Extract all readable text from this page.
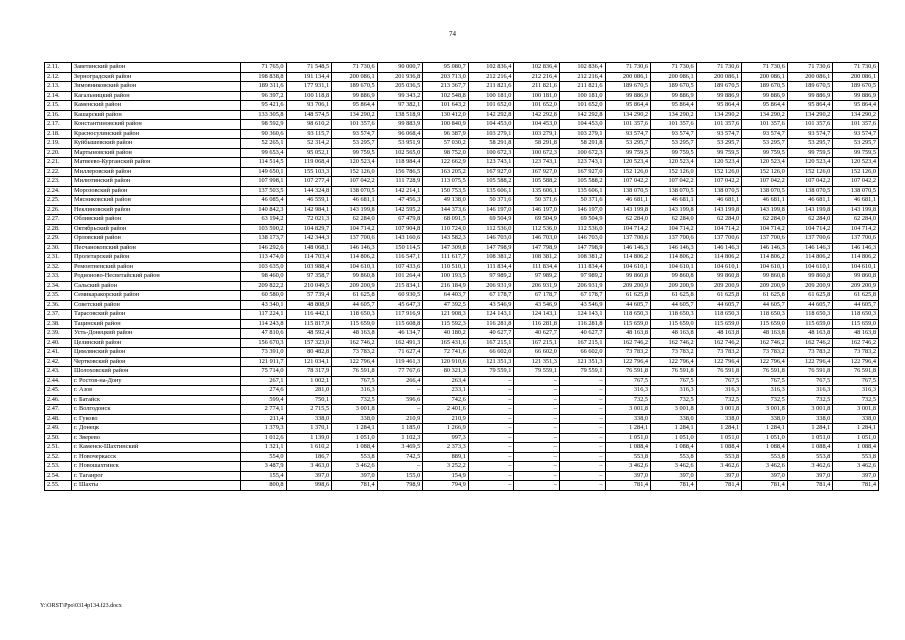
74
2.11.	Заветинский район	71 765,0	71 548,5	71 730,6	90 000,7	95 080,7	102 836,4	102 836,4	102 836,4	71 730,6	71 730,6	71 730,6	71 730,6	71 730,6	71 730,6
2.12.	Зерноградский район	198 838,8	191 134,4	200 086,1	201 936,8	203 713,0	212 216,4	212 216,4	212 216,4	200 086,1	200 086,1	200 086,1	200 086,1	200 086,1	200 086,1
2.13.	Зимовниковский район	189 311,6	177 931,1	189 670,5	205 036,5	213 367,7	211 821,6	211 821,6	211 821,6	189 670,5	189 670,5	189 670,5	189 670,5	189 670,5	189 670,5
2.14.	Кагальницкий район	96 397,2	100 118,8	99 886,9	99 343,2	102 548,8	100 181,0	100 181,0	100 181,0	99 886,9	99 886,9	99 886,9	99 886,9	99 886,9	99 886,9
2.15.	Каменский район	95 421,6	93 706,1	95 864,4	97 382,1	101 643,2	101 652,0	101 652,0	101 652,0	95 864,4	95 864,4	95 864,4	95 864,4	95 864,4	95 864,4
2.16.	Кашарский район	133 305,8	148 574,5	134 290,2	138 518,9	130 412,0	142 292,8	142 292,8	142 292,8	134 290,2	134 290,2	134 290,2	134 290,2	134 290,2	134 290,2
2.17.	Константиновский район	98 592,9	98 610,2	101 357,6	99 883,9	100 840,9	104 453,0	104 453,0	104 453,0	101 357,6	101 357,6	101 357,6	101 357,6	101 357,6	101 357,6
2.18.	Красносулинский район	90 360,6	93 115,7	93 574,7	96 068,4	96 387,9	103 279,1	103 279,1	103 279,1	93 574,7	93 574,7	93 574,7	93 574,7	93 574,7	93 574,7
2.19.	Куйбышевский район	52 265,1	52 314,2	53 295,7	53 951,9	57 030,2	58 291,8	58 291,8	58 291,8	53 295,7	53 295,7	53 295,7	53 295,7	53 295,7	53 295,7
2.20.	Мартыновский район	99 653,4	95 052,1	99 759,5	102 565,0	98 752,0	100 672,3	100 672,3	100 672,3	99 759,5	99 759,5	99 759,5	99 759,5	99 759,5	99 759,5
2.21.	Матвеево-Курганский район	114 514,5	119 068,4	120 523,4	118 984,4	122 662,9	123 743,1	123 743,1	123 743,1	120 523,4	120 523,4	120 523,4	120 523,4	120 523,4	120 523,4
2.22.	Миллеровский район	149 650,1	155 103,3	152 126,0	156 786,5	163 205,2	167 927,0	167 927,0	167 927,0	152 126,0	152 126,0	152 126,0	152 126,0	152 126,0	152 126,0
2.23.	Милютинский район	107 998,1	107 277,4	107 042,2	111 728,9	113 075,5	105 588,2	105 588,2	105 588,2	107 042,2	107 042,2	107 042,2	107 042,2	107 042,2	107 042,2
2.24.	Морозовский район	137 503,5	144 324,8	138 070,5	142 214,1	150 753,5	135 606,1	135 606,1	135 606,1	138 070,5	138 070,5	138 070,5	138 070,5	138 070,5	138 070,5
2.25.	Мясниковский район	46 085,4	46 559,1	46 681,1	47 456,3	49 138,0	50 371,6	50 371,6	50 371,6	46 681,1	46 681,1	46 681,1	46 681,1	46 681,1	46 681,1
2.26.	Неклиновский район	140 842,3	142 984,1	143 199,8	142 595,2	144 373,6	146 197,0	146 197,0	146 197,0	143 199,8	143 199,8	143 199,8	143 199,8	143 199,8	143 199,8
2.27.	Обливский район	63 194,2	72 021,3	62 284,0	67 479,8	68 091,5	69 504,9	69 504,9	69 504,9	62 284,0	62 284,0	62 284,0	62 284,0	62 284,0	62 284,0
2.28.	Октябрьский район	103 590,2	104 829,7	104 714,2	107 904,8	110 724,0	112 536,0	112 536,0	112 536,0	104 714,2	104 714,2	104 714,2	104 714,2	104 714,2	104 714,2
2.29.	Орловский район	138 173,7	142 344,3	137 700,6	143 160,6	143 582,3	146 703,0	146 703,0	146 703,0	137 700,6	137 700,6	137 700,6	137 700,6	137 700,6	137 700,6
2.30.	Песчанокопский район	146 292,6	148 068,1	146 146,3	150 114,5	147 309,8	147 798,9	147 798,9	147 798,9	146 146,3	146 146,3	146 146,3	146 146,3	146 146,3	146 146,3
2.31.	Пролетарский район	113 474,0	114 703,4	114 806,2	116 547,1	111 617,7	108 381,2	108 381,2	108 381,2	114 806,2	114 806,2	114 806,2	114 806,2	114 806,2	114 806,2
2.32.	Ремонтненский район	103 635,0	103 988,4	104 610,1	107 433,6	110 510,1	111 834,4	111 834,4	111 834,4	104 610,1	104 610,1	104 610,1	104 610,1	104 610,1	104 610,1
2.33.	Родионово-Несветайский район	98 460,0	97 358,7	99 860,8	101 264,4	100 193,5	97 989,2	97 989,2	97 989,2	99 860,8	99 860,8	99 860,8	99 860,8	99 860,8	99 860,8
2.34.	Сальский район	209 822,2	210 049,5	209 200,9	215 834,1	216 184,9	206 931,9	206 931,9	206 931,9	209 200,9	209 200,9	209 200,9	209 200,9	209 200,9	209 200,9
2.35.	Семикаракорский район	60 580,0	57 739,4	61 625,8	60 930,5	64 403,7	67 178,7	67 178,7	67 178,7	61 625,8	61 625,8	61 625,8	61 625,8	61 625,8	61 625,8
2.36.	Советский район	43 340,1	48 808,9	44 605,7	45 647,3	47 392,5	43 546,9	43 546,9	43 546,9	44 605,7	44 605,7	44 605,7	44 605,7	44 605,7	44 605,7
2.37.	Тарасовский район	117 224,1	116 442,1	118 650,3	117 916,9	121 908,3	124 143,1	124 143,1	124 143,1	118 650,3	118 650,3	118 650,3	118 650,3	118 650,3	118 650,3
2.38.	Тацинский район	114 243,8	115 817,9	115 659,0	115 608,8	115 592,3	116 281,8	116 281,8	116 281,8	115 659,0	115 659,0	115 659,0	115 659,0	115 659,0	115 659,0
2.39.	Усть-Донецкий район	47 810,6	48 592,4	48 163,8	46 134,7	40 180,2	40 627,7	40 627,7	40 627,7	48 163,8	48 163,8	48 163,8	48 163,8	48 163,8	48 163,8
2.40.	Целинский район	156 670,3	157 323,0	162 746,2	162 491,3	165 431,6	167 215,1	167 215,1	167 215,1	162 746,2	162 746,2	162 746,2	162 746,2	162 746,2	162 746,2
2.41.	Цимлянский район	73 391,0	80 482,8	73 783,2	71 627,4	72 741,6	66 602,0	66 602,0	66 602,0	73 783,2	73 783,2	73 783,2	73 783,2	73 783,2	73 783,2
2.42.	Чертковский район	121 911,7	121 034,1	122 796,4	119 461,3	120 910,6	121 351,3	121 351,3	121 351,3	122 796,4	122 796,4	122 796,4	122 796,4	122 796,4	122 796,4
2.43.	Шолоховский район	75 714,0	78 317,9	76 591,8	77 767,6	80 321,3	79 559,1	79 559,1	79 559,1	76 591,8	76 591,8	76 591,8	76 591,8	76 591,8	76 591,8
2.44.	г. Ростов-на-Дону	267,1	1 002,1	767,5	266,4	263,4	–	–	–	767,5	767,5	767,5	767,5	767,5	767,5
2.45.	г. Азов	274,6	281,0	316,3	–	233,1	–	–	–	316,3	316,3	316,3	316,3	316,3	316,3
2.46.	г. Батайск	599,4	750,1	732,5	596,6	742,6	–	–	–	732,5	732,5	732,5	732,5	732,5	732,5
2.47.	г. Волгодонск	2 774,1	2 715,5	3 001,8	–	2 401,6	–	–	–	3 001,8	3 001,8	3 001,8	3 001,8	3 001,8	3 001,8
2.48.	г. Гуково	211,4	338,0	338,0	210,9	210,9	–	–	–	338,0	338,0	338,0	338,0	338,0	338,0
2.49.	г. Донецк	1 379,3	1 370,1	1 284,1	1 185,0	1 266,9	–	–	–	1 284,1	1 284,1	1 284,1	1 284,1	1 284,1	1 284,1
2.50.	г. Зверево	1 012,6	1 139,0	1 051,0	1 102,3	997,3	–	–	–	1 051,0	1 051,0	1 051,0	1 051,0	1 051,0	1 051,0
2.51.	г. Каменск-Шахтинский	1 321,1	1 610,2	1 088,4	3 469,5	2 373,3	–	–	–	1 088,4	1 088,4	1 088,4	1 088,4	1 088,4	1 088,4
2.52.	г. Новочеркасск	554,0	186,7	553,8	742,5	889,1	–	–	–	553,8	553,8	553,8	553,8	553,8	553,8
2.53.	г. Новошахтинск	3 487,9	3 463,0	3 462,6	–	3 252,2	–	–	–	3 462,6	3 462,6	3 462,6	3 462,6	3 462,6	3 462,6
2.54.	г. Таганрог	155,4	397,0	397,0	155,0	154,9	–	–	–	397,0	397,0	397,0	397,0	397,0	397,0
2.55.	г. Шахты	800,8	998,6	781,4	798,9	794,9	–	–	–	781,4	781,4	781,4	781,4	781,4	781,4
Y:\ORST\Ppo\0314p134.f23.docx
